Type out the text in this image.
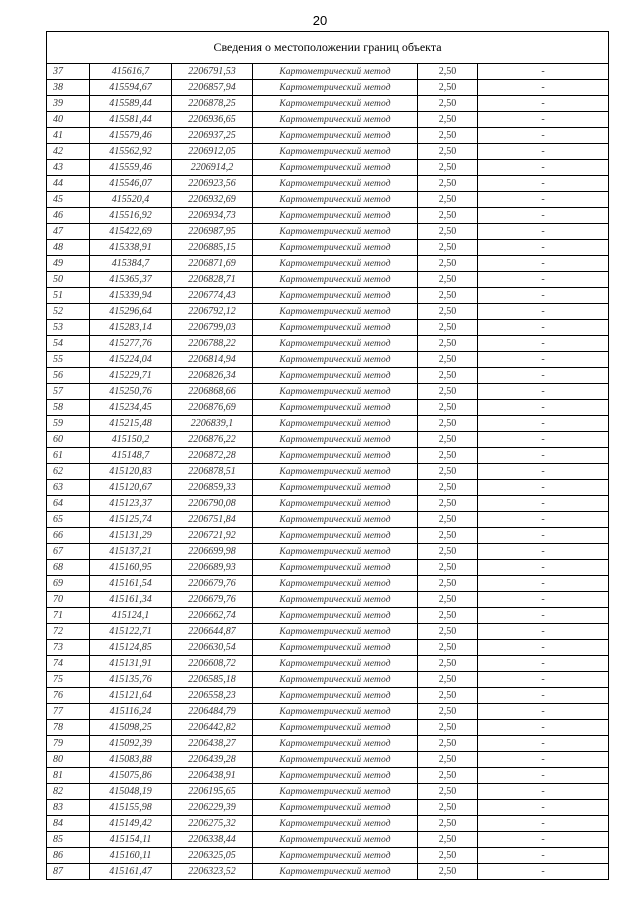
20
Сведения о местоположении границ объекта					
37	415616,7	2206791,53	Картометрический метод	2,50	-
38	415594,67	2206857,94	Картометрический метод	2,50	-
39	415589,44	2206878,25	Картометрический метод	2,50	-
40	415581,44	2206936,65	Картометрический метод	2,50	-
41	415579,46	2206937,25	Картометрический метод	2,50	-
42	415562,92	2206912,05	Картометрический метод	2,50	-
43	415559,46	2206914,2	Картометрический метод	2,50	-
44	415546,07	2206923,56	Картометрический метод	2,50	-
45	415520,4	2206932,69	Картометрический метод	2,50	-
46	415516,92	2206934,73	Картометрический метод	2,50	-
47	415422,69	2206987,95	Картометрический метод	2,50	-
48	415338,91	2206885,15	Картометрический метод	2,50	-
49	415384,7	2206871,69	Картометрический метод	2,50	-
50	415365,37	2206828,71	Картометрический метод	2,50	-
51	415339,94	2206774,43	Картометрический метод	2,50	-
52	415296,64	2206792,12	Картометрический метод	2,50	-
53	415283,14	2206799,03	Картометрический метод	2,50	-
54	415277,76	2206788,22	Картометрический метод	2,50	-
55	415224,04	2206814,94	Картометрический метод	2,50	-
56	415229,71	2206826,34	Картометрический метод	2,50	-
57	415250,76	2206868,66	Картометрический метод	2,50	-
58	415234,45	2206876,69	Картометрический метод	2,50	-
59	415215,48	2206839,1	Картометрический метод	2,50	-
60	415150,2	2206876,22	Картометрический метод	2,50	-
61	415148,7	2206872,28	Картометрический метод	2,50	-
62	415120,83	2206878,51	Картометрический метод	2,50	-
63	415120,67	2206859,33	Картометрический метод	2,50	-
64	415123,37	2206790,08	Картометрический метод	2,50	-
65	415125,74	2206751,84	Картометрический метод	2,50	-
66	415131,29	2206721,92	Картометрический метод	2,50	-
67	415137,21	2206699,98	Картометрический метод	2,50	-
68	415160,95	2206689,93	Картометрический метод	2,50	-
69	415161,54	2206679,76	Картометрический метод	2,50	-
70	415161,34	2206679,76	Картометрический метод	2,50	-
71	415124,1	2206662,74	Картометрический метод	2,50	-
72	415122,71	2206644,87	Картометрический метод	2,50	-
73	415124,85	2206630,54	Картометрический метод	2,50	-
74	415131,91	2206608,72	Картометрический метод	2,50	-
75	415135,76	2206585,18	Картометрический метод	2,50	-
76	415121,64	2206558,23	Картометрический метод	2,50	-
77	415116,24	2206484,79	Картометрический метод	2,50	-
78	415098,25	2206442,82	Картометрический метод	2,50	-
79	415092,39	2206438,27	Картометрический метод	2,50	-
80	415083,88	2206439,28	Картометрический метод	2,50	-
81	415075,86	2206438,91	Картометрический метод	2,50	-
82	415048,19	2206195,65	Картометрический метод	2,50	-
83	415155,98	2206229,39	Картометрический метод	2,50	-
84	415149,42	2206275,32	Картометрический метод	2,50	-
85	415154,11	2206338,44	Картометрический метод	2,50	-
86	415160,11	2206325,05	Картометрический метод	2,50	-
87	415161,47	2206323,52	Картометрический метод	2,50	-
